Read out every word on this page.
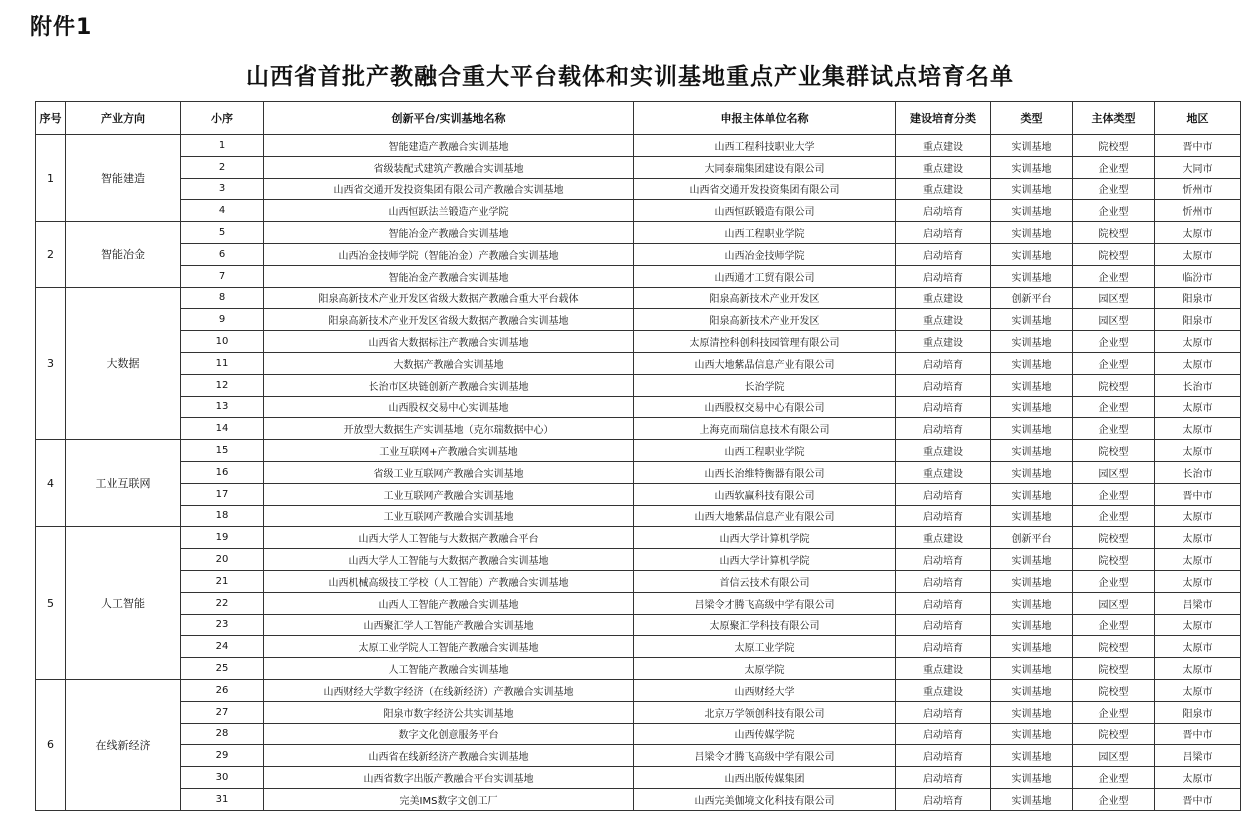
附件1
山西省首批产教融合重大平台载体和实训基地重点产业集群试点培育名单
序号	产业方向	小序	创新平台/实训基地名称	申报主体单位名称	建设培育分类	类型	主体类型	地区
1	智能建造	1	智能建造产教融合实训基地	山西工程科技职业大学	重点建设	实训基地	院校型	晋中市
		2	省级装配式建筑产教融合实训基地	大同泰瑞集团建设有限公司	重点建设	实训基地	企业型	大同市
		3	山西省交通开发投资集团有限公司产教融合实训基地	山西省交通开发投资集团有限公司	重点建设	实训基地	企业型	忻州市
		4	山西恒跃法兰锻造产业学院	山西恒跃锻造有限公司	启动培育	实训基地	企业型	忻州市
2	智能冶金	5	智能冶金产教融合实训基地	山西工程职业学院	启动培育	实训基地	院校型	太原市
		6	山西冶金技师学院（智能冶金）产教融合实训基地	山西冶金技师学院	启动培育	实训基地	院校型	太原市
		7	智能冶金产教融合实训基地	山西通才工贸有限公司	启动培育	实训基地	企业型	临汾市
3	大数据	8	阳泉高新技术产业开发区省级大数据产教融合重大平台载体	阳泉高新技术产业开发区	重点建设	创新平台	园区型	阳泉市
		9	阳泉高新技术产业开发区省级大数据产教融合实训基地	阳泉高新技术产业开发区	重点建设	实训基地	园区型	阳泉市
		10	山西省大数据标注产教融合实训基地	太原清控科创科技园管理有限公司	重点建设	实训基地	企业型	太原市
		11	大数据产教融合实训基地	山西大地紫晶信息产业有限公司	启动培育	实训基地	企业型	太原市
		12	长治市区块链创新产教融合实训基地	长治学院	启动培育	实训基地	院校型	长治市
		13	山西股权交易中心实训基地	山西股权交易中心有限公司	启动培育	实训基地	企业型	太原市
		14	开放型大数据生产实训基地（克尔瑞数据中心）	上海克而瑞信息技术有限公司	启动培育	实训基地	企业型	太原市
4	工业互联网	15	工业互联网+产教融合实训基地	山西工程职业学院	重点建设	实训基地	院校型	太原市
		16	省级工业互联网产教融合实训基地	山西长治维特衡器有限公司	重点建设	实训基地	园区型	长治市
		17	工业互联网产教融合实训基地	山西软赢科技有限公司	启动培育	实训基地	企业型	晋中市
		18	工业互联网产教融合实训基地	山西大地紫晶信息产业有限公司	启动培育	实训基地	企业型	太原市
5	人工智能	19	山西大学人工智能与大数据产教融合平台	山西大学计算机学院	重点建设	创新平台	院校型	太原市
		20	山西大学人工智能与大数据产教融合实训基地	山西大学计算机学院	启动培育	实训基地	院校型	太原市
		21	山西机械高级技工学校（人工智能）产教融合实训基地	首信云技术有限公司	启动培育	实训基地	企业型	太原市
		22	山西人工智能产教融合实训基地	吕梁令才腾飞高级中学有限公司	启动培育	实训基地	园区型	吕梁市
		23	山西聚汇学人工智能产教融合实训基地	太原聚汇学科技有限公司	启动培育	实训基地	企业型	太原市
		24	太原工业学院人工智能产教融合实训基地	太原工业学院	启动培育	实训基地	院校型	太原市
		25	人工智能产教融合实训基地	太原学院	重点建设	实训基地	院校型	太原市
6	在线新经济	26	山西财经大学数字经济（在线新经济）产教融合实训基地	山西财经大学	重点建设	实训基地	院校型	太原市
		27	阳泉市数字经济公共实训基地	北京万学领创科技有限公司	启动培育	实训基地	企业型	阳泉市
		28	数字文化创意服务平台	山西传媒学院	启动培育	实训基地	院校型	晋中市
		29	山西省在线新经济产教融合实训基地	吕梁令才腾飞高级中学有限公司	启动培育	实训基地	园区型	吕梁市
		30	山西省数字出版产教融合平台实训基地	山西出版传媒集团	启动培育	实训基地	企业型	太原市
		31	完美IMS数字文创工厂	山西完美伽境文化科技有限公司	启动培育	实训基地	企业型	晋中市
